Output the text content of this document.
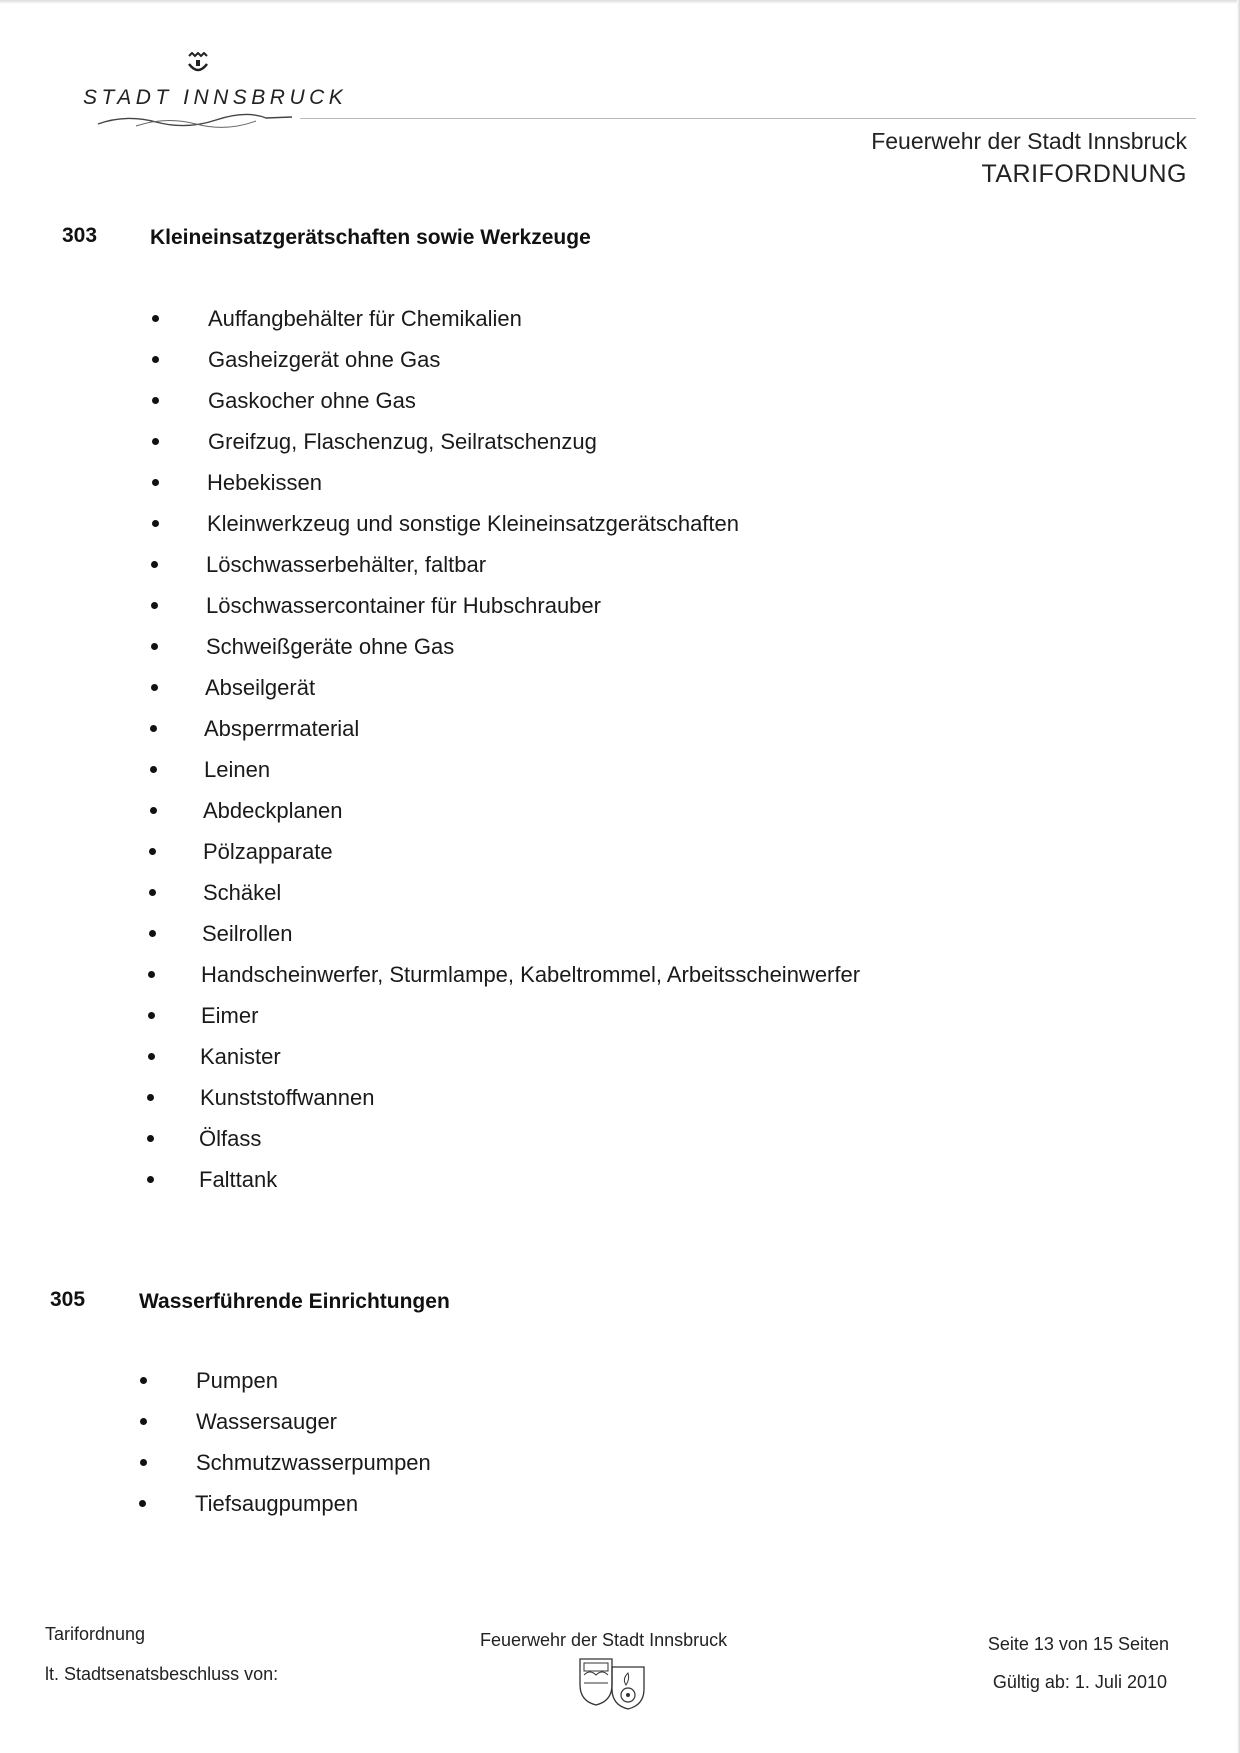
STADT INNSBRUCK
Feuerwehr der Stadt Innsbruck
TARIFORDNUNG
303	Kleineinsatzgerätschaften sowie Werkzeuge
Auffangbehälter für Chemikalien
Gasheizgerät ohne Gas
Gaskocher ohne Gas
Greifzug, Flaschenzug, Seilratschenzug
Hebekissen
Kleinwerkzeug und sonstige Kleineinsatzgerätschaften
Löschwasserbehälter, faltbar
Löschwassercontainer für Hubschrauber
Schweißgeräte ohne Gas
Abseilgerät
Absperrmaterial
Leinen
Abdeckplanen
Pölzapparate
Schäkel
Seilrollen
Handscheinwerfer, Sturmlampe, Kabeltrommel, Arbeitsscheinwerfer
Eimer
Kanister
Kunststoffwannen
Ölfass
Falttank
305	Wasserführende Einrichtungen
Pumpen
Wassersauger
Schmutzwasserpumpen
Tiefsaugpumpen
Tarifordnung
lt. Stadtsenatsbeschluss von:
Feuerwehr der Stadt Innsbruck	Seite 13 von 15 Seiten
Gültig ab: 1. Juli 2010
